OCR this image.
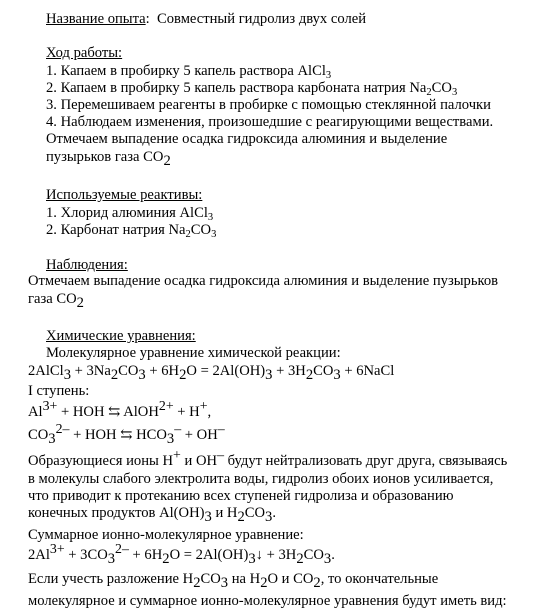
Название опыта: Совместный гидролиз двух солей
Ход работы:
1. Капаем в пробирку 5 капель раствора AlCl$_3$
2. Капаем в пробирку 5 капель раствора карбоната натрия $Na_2CO_3$
3. Перемешиваем реагенты в пробирке с помощью стеклянной палочки
4. Наблюдаем изменения, произошедшие с реагирующими веществами.
Отмечаем выпадение осадка гидроксида алюминия и выделение
пузырьков газа CO2
Используемые реактивы:
1. Хлорид алюминия AlCl$_3$
2. Карбонат натрия $Na_2CO_3$
Наблюдения:
Отмечаем выпадение осадка гидроксида алюминия и выделение пузырьков
газа CO2
Химические уравнения:
Молекулярное уравнение химической реакции:
2AlCl3 + 3Na2CO3 + 6H2O = 2Al(OH)3 + 3H2CO3 + 6NaCl
I ступень:
Al3+ + HOH ⇆ AlOH2+ + H+,
CO32– + HOH ⇆ HCO3– + OH–
Образующиеся ионы H+ и OH– будут нейтрализовать друг друга, связываясь
в молекулы слабого электролита воды, гидролиз обоих ионов усиливается,
что приводит к протеканию всех ступеней гидролиза и образованию
конечных продуктов Al(OH)3 и H2CO3.
Суммарное ионно-молекулярное уравнение:
2Al3+ + 3CO32– + 6H2O = 2Al(OH)3↓ + 3H2CO3.
Если учесть разложение H2CO3 на H2O и CO2, то окончательные
молекулярное и суммарное ионно-молекулярное уравнения будут иметь вид:
